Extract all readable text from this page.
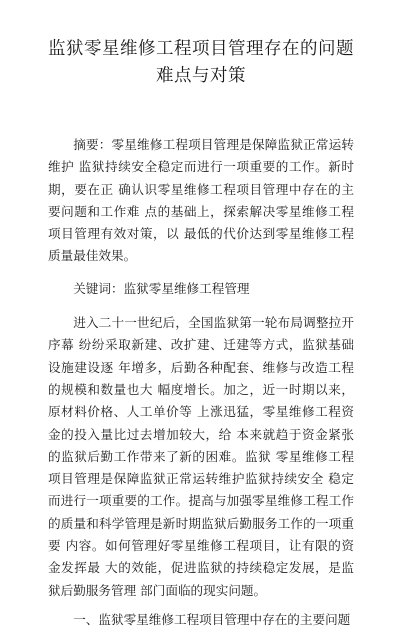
监狱零星维修工程项目管理存在的问题难点与对策

摘要：零星维修工程项目管理是保障监狱正常运转维护 监狱持续安全稳定而进行一项重要的工作。新时期，要在正 确认识零星维修工程项目管理中存在的主要问题和工作难 点的基础上，探索解决零星维修工程项目管理有效对策，以 最低的代价达到零星维修工程质量最佳效果。

关键词：监狱零星维修工程管理

进入二十一世纪后，全国监狱第一轮布局调整拉开序幕 纷纷采取新建、改扩建、迁建等方式，监狱基础设施建设逐 年增多，后勤各种配套、维修与改造工程的规模和数量也大 幅度增长。加之，近一时期以来，原材料价格、人工单价等 上涨迅猛，零星维修工程资金的投入量比过去增加较大，给 本来就趋于资金紧张的监狱后勤工作带来了新的困难。监狱 零星维修工程项目管理是保障监狱正常运转维护监狱持续安全 稳定而进行一项重要的工作。提高与加强零星维修工程工作 的质量和科学管理是新时期监狱后勤服务工作的一项重要 内容。如何管理好零星维修工程项目，让有限的资金发挥最 大的效能，促进监狱的持续稳定发展，是监狱后勤服务管理 部门面临的现实问题。

一、监狱零星维修工程项目管理中存在的主要问题
